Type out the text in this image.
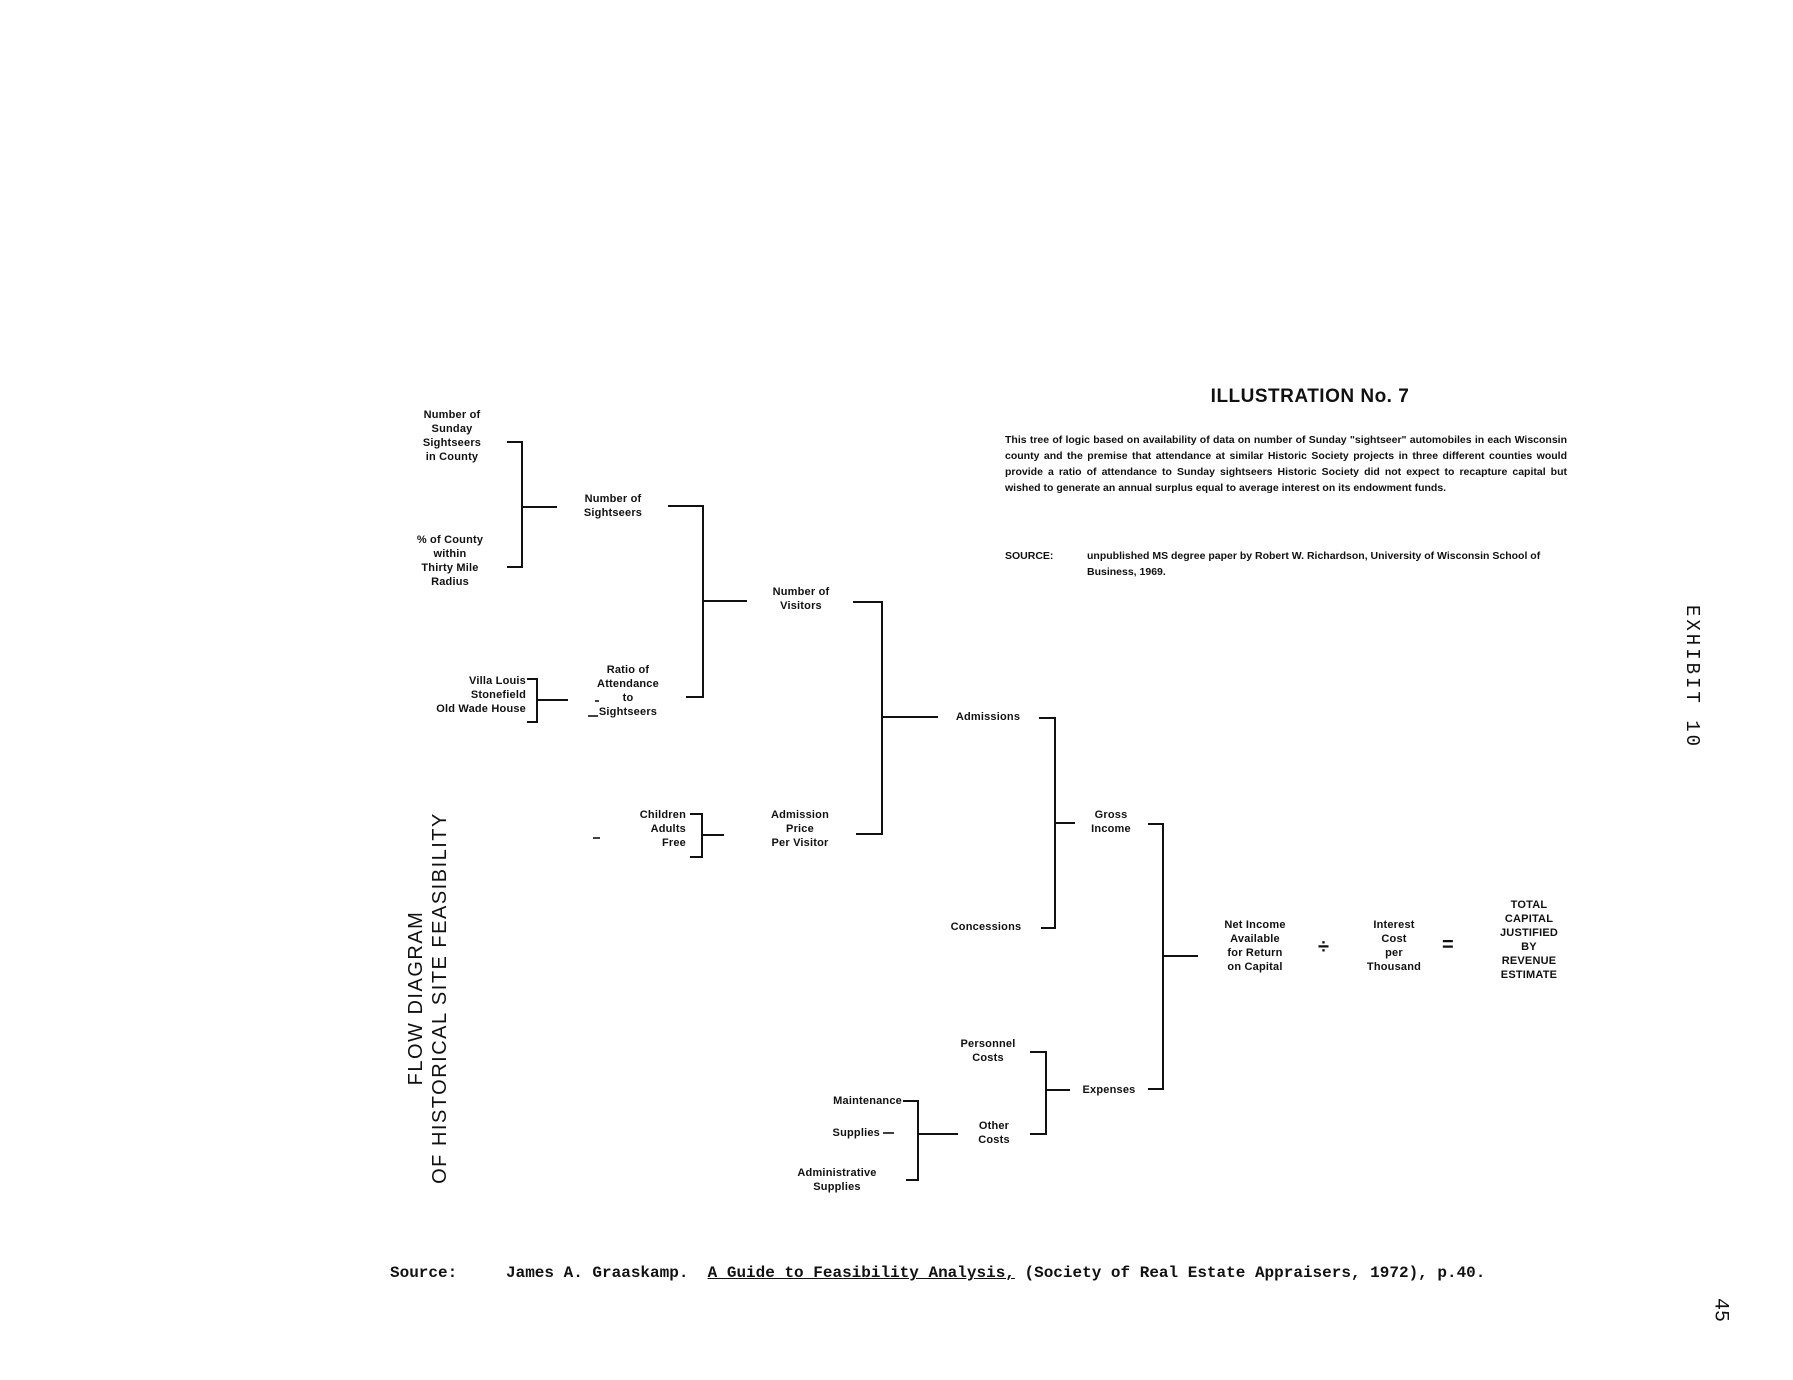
ILLUSTRATION No. 7
This tree of logic based on availability of data on number of Sunday "sightseer" automobiles in each Wisconsin county and the premise that attendance at similar Historic Society projects in three different counties would provide a ratio of attendance to Sunday sightseers Historic Society did not expect to recapture capital but wished to generate an annual surplus equal to average interest on its endowment funds.
SOURCE:	unpublished MS degree paper by Robert W. Richardson, University of Wisconsin School of Business, 1969.
Number of
Sunday
Sightseers
in County
% of County
within
Thirty Mile
Radius
Villa Louis
Stonefield
Old Wade House
Children
Adults
Free
Number of
Sightseers
Ratio of
Attendance
to
Sightseers
Number of
Visitors
Admission
Price
Per Visitor
Admissions
Concessions
Gross
Income
Personnel
Costs
Other
Costs
Maintenance
Supplies
Administrative
Supplies
Expenses
Net Income
Available
for Return
on Capital
÷
Interest
Cost
per
Thousand
=
TOTAL
CAPITAL
JUSTIFIED
BY
REVENUE
ESTIMATE
FLOW DIAGRAM OF HISTORICAL SITE FEASIBILITY
EXHIBIT 10
45
Source:	James A. Graaskamp. A Guide to Feasibility Analysis, (Society of Real Estate Appraisers, 1972), p.40.
